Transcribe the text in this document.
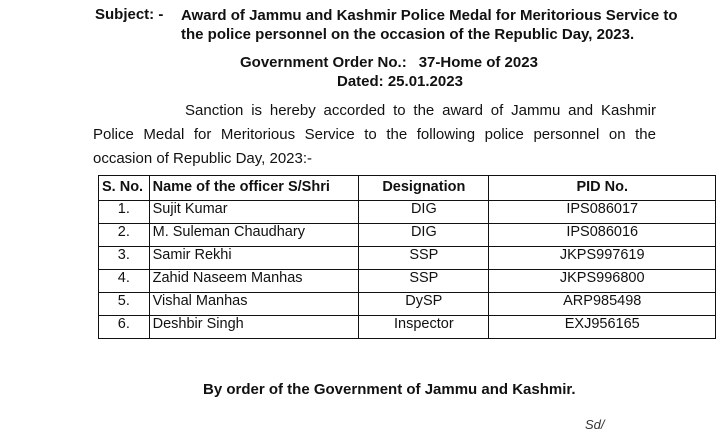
Subject: - Award of Jammu and Kashmir Police Medal for Meritorious Service to the police personnel on the occasion of the Republic Day, 2023.
Government Order No.: 37-Home of 2023
Dated: 25.01.2023
Sanction is hereby accorded to the award of Jammu and Kashmir Police Medal for Meritorious Service to the following police personnel on the occasion of Republic Day, 2023:-
S. No.	Name of the officer S/Shri	Designation	PID No.
1.	Sujit Kumar	DIG	IPS086017
2.	M. Suleman Chaudhary	DIG	IPS086016
3.	Samir Rekhi	SSP	JKPS997619
4.	Zahid Naseem Manhas	SSP	JKPS996800
5.	Vishal Manhas	DySP	ARP985498
6.	Deshbir Singh	Inspector	EXJ956165
By order of the Government of Jammu and Kashmir.
Sd/
